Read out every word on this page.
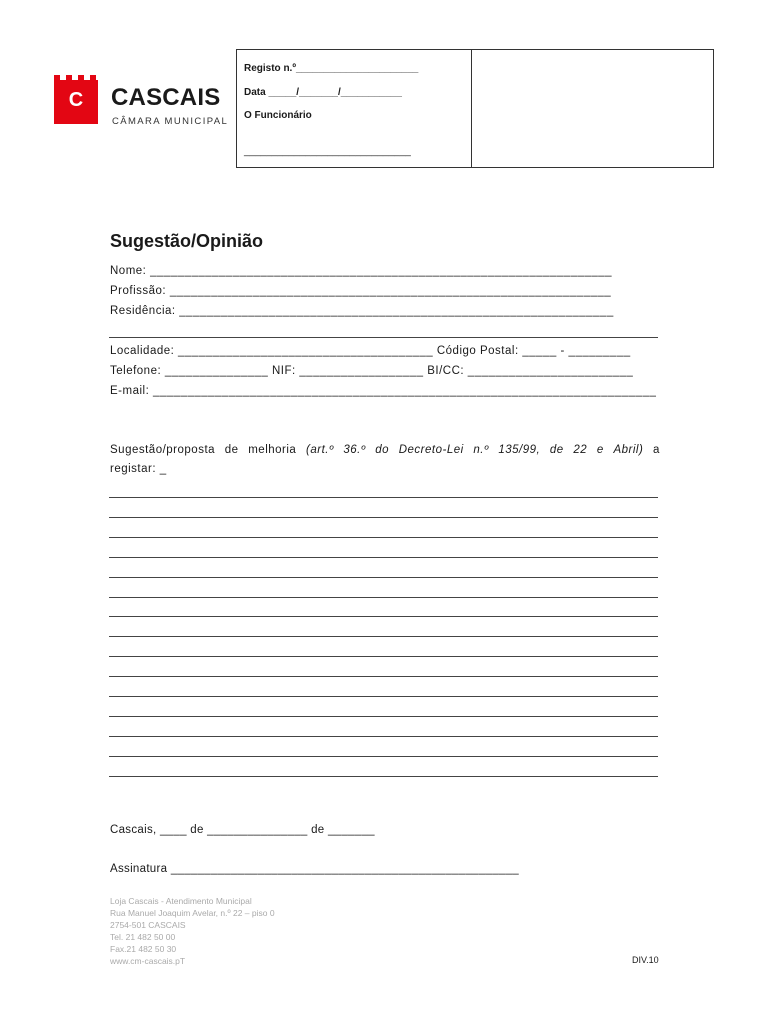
C	CASCAIS
CÂMARA MUNICIPAL
Registo n.º______________________
Data _____/_______/___________
O Funcionário
______________________________
Sugestão/Opinião
Nome: ___________________________________________________________________
Profissão: ________________________________________________________________
Residência: _______________________________________________________________
Localidade: _____________________________________ Código Postal: _____ - _________
Telefone: _______________ NIF: __________________ BI/CC: ________________________
E-mail: _________________________________________________________________________
Sugestão/proposta de melhoria (art.º 36.º do Decreto-Lei n.º 135/99, de 22 e Abril) a
registar: _
Cascais, ____ de _______________ de _______
Assinatura ____________________________________________________
Loja Cascais - Atendimento Municipal
Rua Manuel Joaquim Avelar, n.º 22 – piso 0
2754-501 CASCAIS
Tel. 21 482 50 00
Fax.21 482 50 30
www.cm-cascais.pT	DIV.10
